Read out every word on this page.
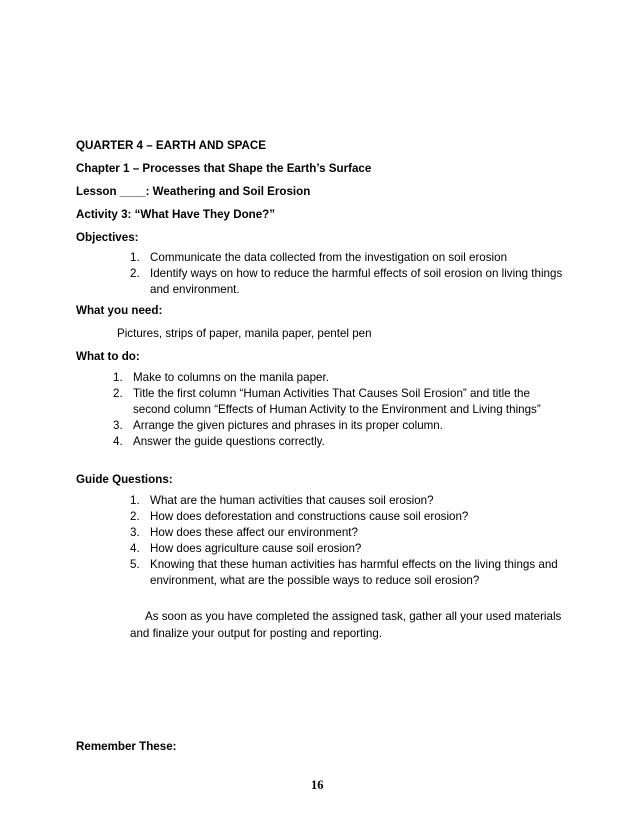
QUARTER 4 – EARTH AND SPACE
Chapter 1 – Processes that Shape the Earth’s Surface
Lesson ____: Weathering and Soil Erosion
Activity 3: “What Have They Done?”
Objectives:
1. Communicate the data collected from the investigation on soil erosion
2. Identify ways on how to reduce the harmful effects of soil erosion on living things
and environment.
What you need:
Pictures, strips of paper, manila paper, pentel pen
What to do:
1. Make to columns on the manila paper.
2. Title the first column “Human Activities That Causes Soil Erosion” and title the
second column “Effects of Human Activity to the Environment and Living things”
3. Arrange the given pictures and phrases in its proper column.
4. Answer the guide questions correctly.
Guide Questions:
1. What are the human activities that causes soil erosion?
2. How does deforestation and constructions cause soil erosion?
3. How does these affect our environment?
4. How does agriculture cause soil erosion?
5. Knowing that these human activities has harmful effects on the living things and
environment, what are the possible ways to reduce soil erosion?
As soon as you have completed the assigned task, gather all your used materials
and finalize your output for posting and reporting.
Remember These:
16
